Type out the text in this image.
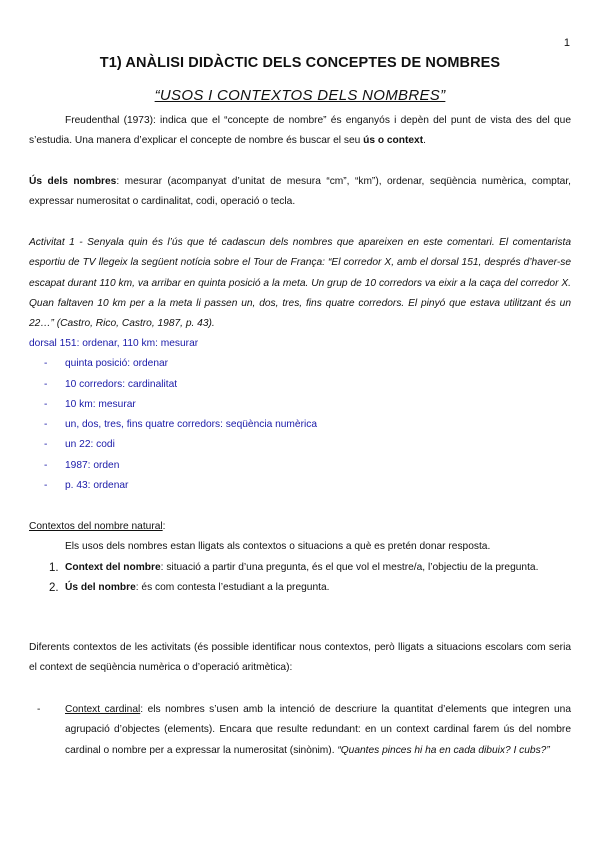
1
T1) ANÀLISI DIDÀCTIC DELS CONCEPTES DE NOMBRES
“USOS I CONTEXTOS DELS NOMBRES”
Freudenthal (1973): indica que el “concepte de nombre” és enganyós i depèn del punt de vista des del que s’estudia. Una manera d’explicar el concepte de nombre és buscar el seu ús o context.
Ús dels nombres: mesurar (acompanyat d’unitat de mesura “cm”, “km”), ordenar, seqüència numèrica, comptar, expressar numerositat o cardinalitat, codi, operació o tecla.
Activitat 1 - Senyala quin és l’ús que té cadascun dels nombres que apareixen en este comentari. El comentarista esportiu de TV llegeix la següent notícia sobre el Tour de França: “El corredor X, amb el dorsal 151, després d’haver-se escapat durant 110 km, va arribar en quinta posició a la meta. Un grup de 10 corredors va eixir a la caça del corredor X. Quan faltaven 10 km per a la meta li passen un, dos, tres, fins quatre corredors. El pinyó que estava utilitzant és un 22…” (Castro, Rico, Castro, 1987, p. 43).
dorsal 151: ordenar, 110 km: mesurar
- quinta posició: ordenar
- 10 corredors: cardinalitat
- 10 km: mesurar
- un, dos, tres, fins quatre corredors: seqüència numèrica
- un 22: codi
- 1987: orden
- p. 43: ordenar
Contextos del nombre natural:
Els usos dels nombres estan lligats als contextos o situacions a què es pretén donar resposta.
1. Context del nombre: situació a partir d’una pregunta, és el que vol el mestre/a, l’objectiu de la pregunta.
2. Ús del nombre: és com contesta l’estudiant a la pregunta.
Diferents contextos de les activitats (és possible identificar nous contextos, però lligats a situacions escolars com seria el context de seqüència numèrica o d’operació aritmètica):
- Context cardinal: els nombres s’usen amb la intenció de descriure la quantitat d’elements que integren una agrupació d’objectes (elements). Encara que resulte redundant: en un context cardinal farem ús del nombre cardinal o nombre per a expressar la numerositat (sinònim). “Quantes pinces hi ha en cada dibuix? I cubs?”
